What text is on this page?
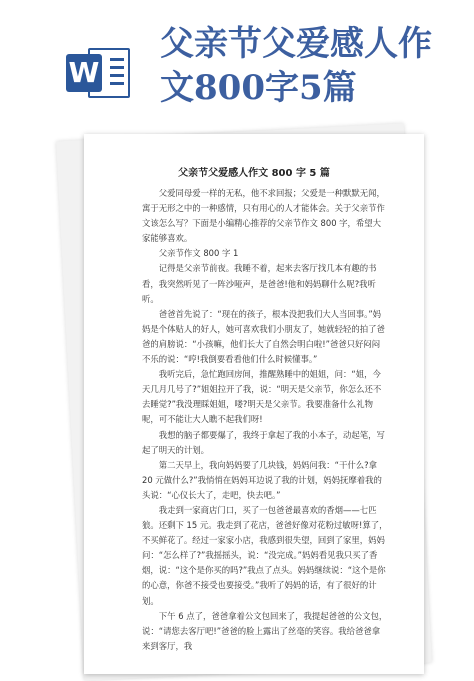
W
父亲节父爱感人作
文800字5篇
父亲节父爱感人作文 800 字 5 篇

父爱同母爱一样的无私，他不求回报；父爱是一种默默无闻，寓于无形之中的一种感情，只有用心的人才能体会。关于父亲节作文该怎么写？下面是小编精心推荐的父亲节作文 800 字，希望大家能够喜欢。

父亲节作文 800 字 1

记得是父亲节前夜。我睡不着，起来去客厅找几本有趣的书看，我突然听见了一阵沙哑声，是爸爸!他和妈妈聊什么呢?我听听。

爸爸首先说了：“现在的孩子，根本没把我们大人当回事。”妈妈是个体贴人的好人，她可喜欢我们小朋友了，她就轻轻的拍了爸爸的肩膀说：“小孩嘛，他们长大了自然会明白啦!”爸爸只好闷闷不乐的说：“哼!我倒要看看他们什么时候懂事。”

我听完后，急忙跑回房间，推醒熟睡中的姐姐，问：“姐，今天几月几号了?”姐姐拉开了我，说：“明天是父亲节，你怎么还不去睡觉?”我没理睬姐姐，喽?明天是父亲节。我要准备什么礼物呢，可不能让大人瞧不起我们呀!

我想的脑子都要爆了，我终于拿起了我的小本子，动起笔，写起了明天的计划。

第二天早上，我向妈妈要了几块钱，妈妈问我：“干什么?拿 20 元做什么?”我悄悄在妈妈耳边说了我的计划，妈妈抚摩着我的头说：“心仪长大了，走吧，快去吧。”

我走到一家商店门口，买了一包爸爸最喜欢的香烟——七匹狼。还剩下 15 元。我走到了花店，爸爸好像对花粉过敏呀!算了，不买鲜花了。经过一家家小店，我感到很失望，回到了家里，妈妈问：“怎么样了?”我摇摇头，说：“没完成。”妈妈看见我只买了香烟，说：“这个是你买的吗?”我点了点头。妈妈继续说：“这个是你的心意，你爸不接受也要接受。”我听了妈妈的话，有了很好的计划。

下午 6 点了，爸爸拿着公文包回来了，我提起爸爸的公文包，说：“请您去客厅吧!”爸爸的脸上露出了丝毫的笑容。我给爸爸拿来到客厅，我
